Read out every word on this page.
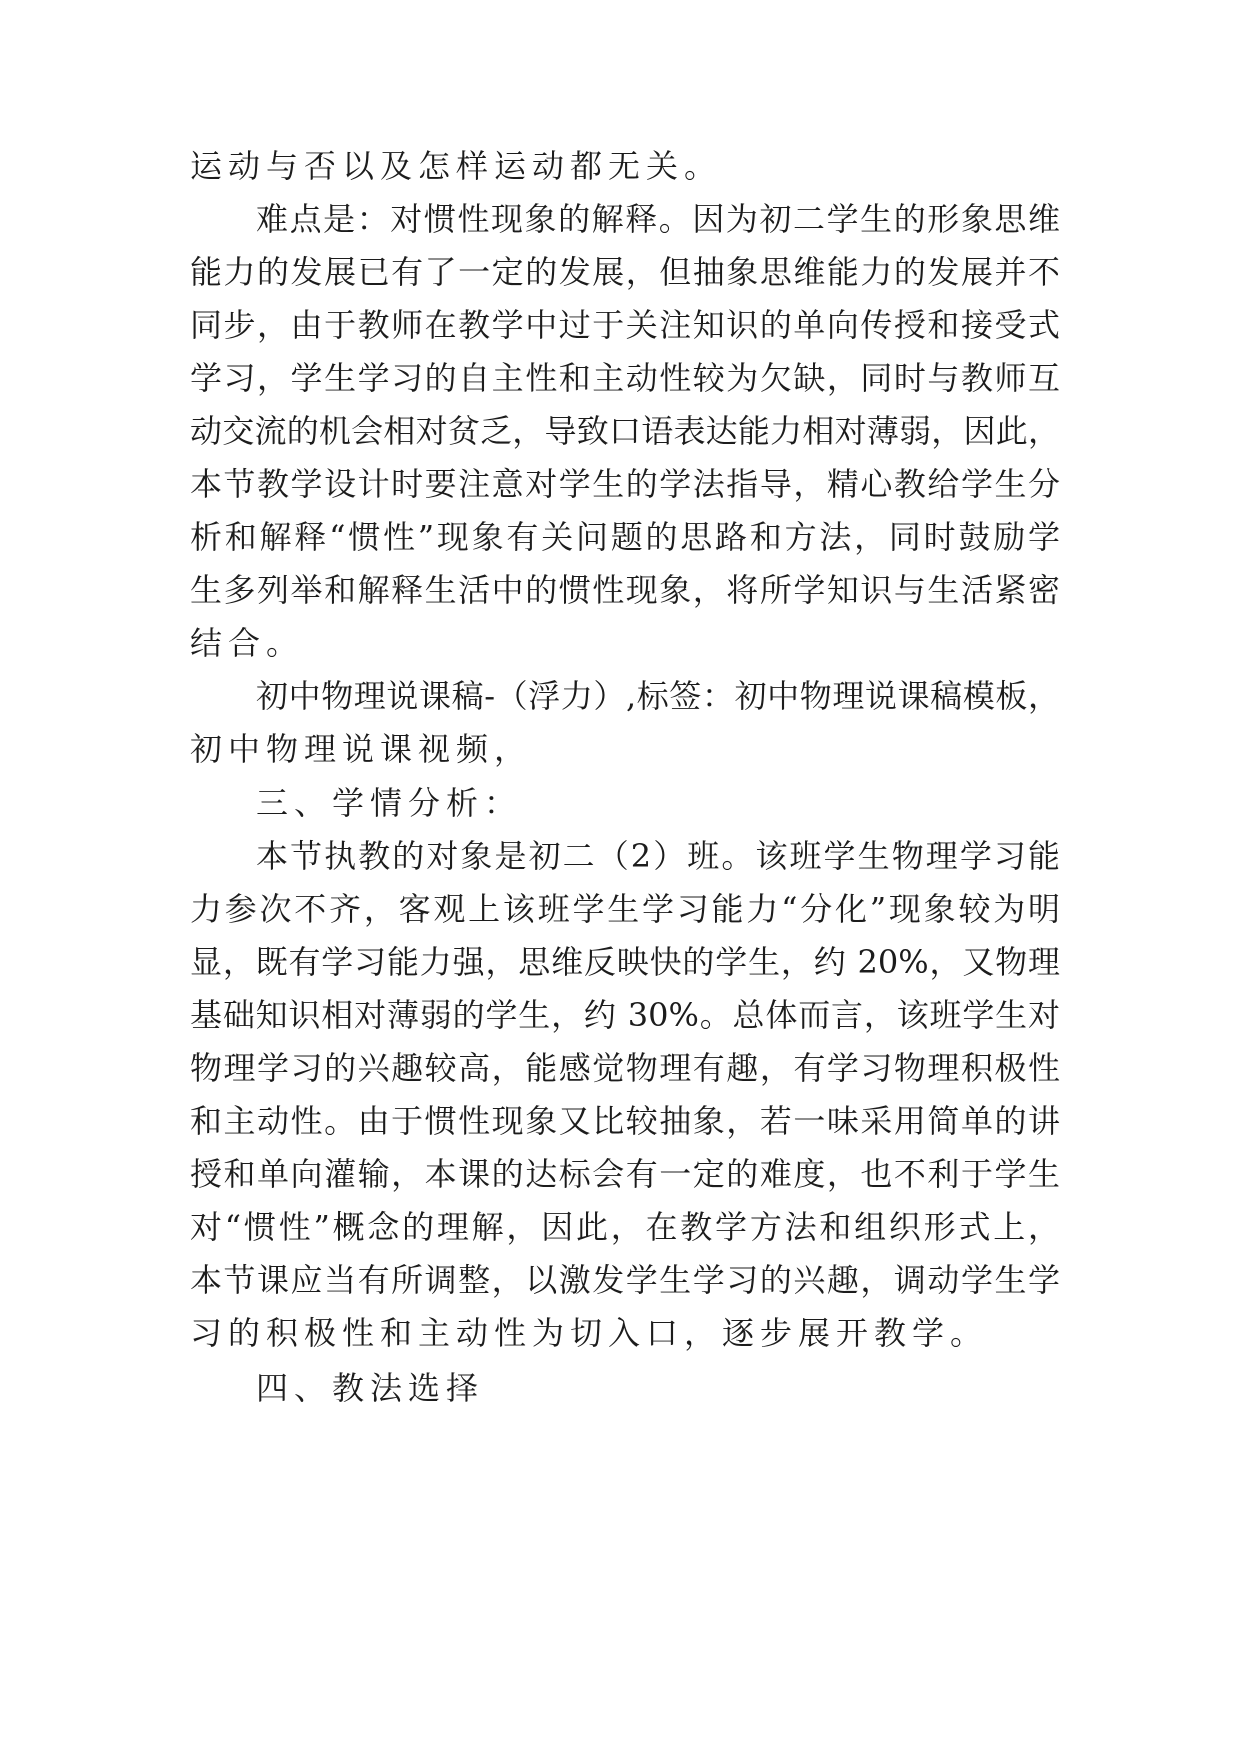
运动与否以及怎样运动都无关。

难点是：对惯性现象的解释。因为初二学生的形象思维

能力的发展已有了一定的发展，但抽象思维能力的发展并不

同步，由于教师在教学中过于关注知识的单向传授和接受式

学习，学生学习的自主性和主动性较为欠缺，同时与教师互

动交流的机会相对贫乏，导致口语表达能力相对薄弱，因此，

本节教学设计时要注意对学生的学法指导，精心教给学生分

析和解释“惯性”现象有关问题的思路和方法，同时鼓励学

生多列举和解释生活中的惯性现象，将所学知识与生活紧密

结合。

初中物理说课稿-（浮力）,标签：初中物理说课稿模板，

初中物理说课视频，

三、学情分析：

本节执教的对象是初二（2）班。该班学生物理学习能

力参次不齐，客观上该班学生学习能力“分化”现象较为明

显，既有学习能力强，思维反映快的学生，约 20%，又物理

基础知识相对薄弱的学生，约 30%。总体而言，该班学生对

物理学习的兴趣较高，能感觉物理有趣，有学习物理积极性

和主动性。由于惯性现象又比较抽象，若一味采用简单的讲

授和单向灌输，本课的达标会有一定的难度，也不利于学生

对“惯性”概念的理解，因此，在教学方法和组织形式上，

本节课应当有所调整，以激发学生学习的兴趣，调动学生学

习的积极性和主动性为切入口，逐步展开教学。

四、教法选择
